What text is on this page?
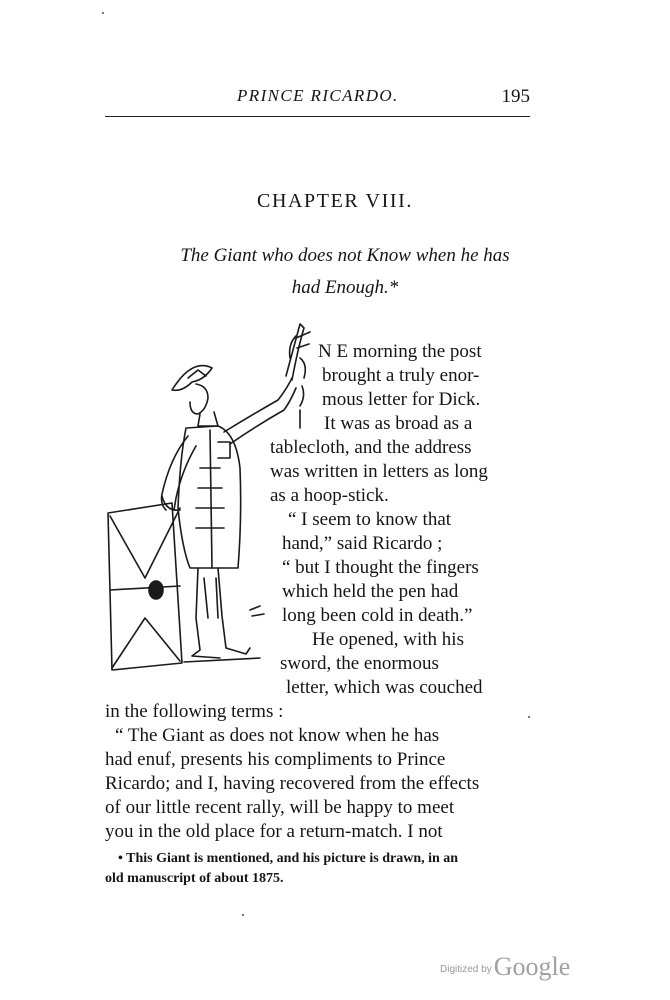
PRINCE RICARDO.	195
CHAPTER VIII.
The Giant who does not Know when he has
had Enough.*
N E morning the post
brought a truly enor-
mous letter for Dick.
It was as broad as a
tablecloth, and the address
was written in letters as long
as a hoop-stick.
“ I seem to know that
hand,” said Ricardo ;
“ but I thought the fingers
which held the pen had
long been cold in death.”
He opened, with his
sword, the enormous
letter, which was couched
in the following terms :
“ The Giant as does not know when he has
had enuf, presents his compliments to Prince
Ricardo; and I, having recovered from the effects
of our little recent rally, will be happy to meet
you in the old place for a return-match. I not
• This Giant is mentioned, and his picture is drawn, in an
old manuscript of about 1875.
Digitized byGoogle
